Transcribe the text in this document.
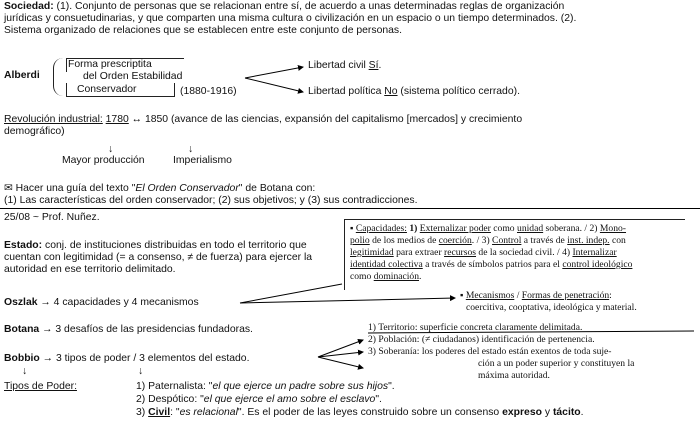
Sociedad: (1). Conjunto de personas que se relacionan entre sí, de acuerdo a unas determinadas reglas de organización
jurídicas y consuetudinarias, y que comparten una misma cultura o civilización en un espacio o un tiempo determinados. (2).
Sistema organizado de relaciones que se establecen entre este conjunto de personas.
Alberdi
Forma prescriptita
del Orden Estabilidad
Conservador	(1880-1916)
Libertad civil Sí.
Libertad política No (sistema político cerrado).
Revolución industrial: 1780 ↔ 1850 (avance de las ciencias, expansión del capitalismo [mercados] y crecimiento
demográfico)
↓	↓
Mayor producción	Imperialismo
✉ Hacer una guía del texto "El Orden Conservador" de Botana con:
(1) Las características del orden conservador; (2) sus objetivos; y (3) sus contradicciones.
25/08 ~ Prof. Nuñez.
Estado: conj. de instituciones distribuidas en todo el territorio que cuentan con legitimidad (= a consenso, ≠ de fuerza) para ejercer la autoridad en ese territorio delimitado.
▪ Capacidades: 1) Externalizar poder como unidad soberana. / 2) Mono-
polio de los medios de coerción. / 3) Control a través de inst. indep. con
legitimidad para extraer recursos de la sociedad civil. / 4) Internalizar
identidad colectiva a través de símbolos patrios para el control ideológico
como dominación.
Oszlak → 4 capacidades y 4 mecanismos
▪ Mecanismos / Formas de penetración:
coercitiva, cooptativa, ideológica y material.
Botana → 3 desafíos de las presidencias fundadoras.	1) Territorio: superficie concreta claramente delimitada.
2) Población: (≠ ciudadanos) identificación de pertenencia.
3) Soberanía: los poderes del estado están exentos de toda suje-
ción a un poder superior y constituyen la
máxima autoridad.
Bobbio → 3 tipos de poder / 3 elementos del estado.
↓	↓
Tipos de Poder:	1) Paternalista: "el que ejerce un padre sobre sus hijos".
2) Despótico: "el que ejerce el amo sobre el esclavo".
3) Civil: "es relacional". Es el poder de las leyes construido sobre un consenso expreso y tácito.
